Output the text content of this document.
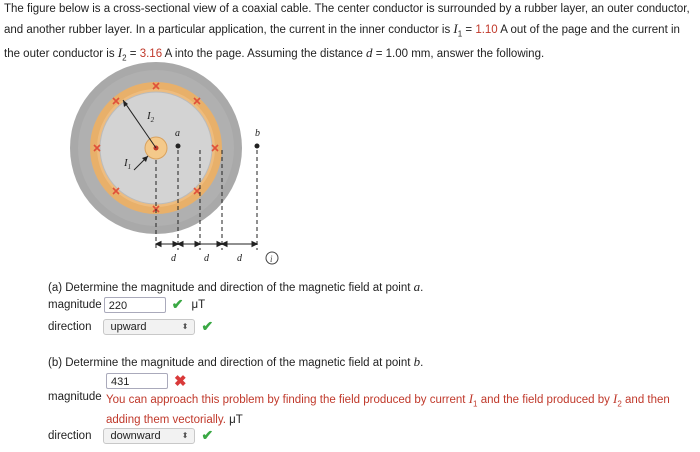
The figure below is a cross-sectional view of a coaxial cable. The center conductor is surrounded by a rubber layer, an outer conductor, and another rubber layer. In a particular application, the current in the inner conductor is $I_1 = 1.10$ A out of the page and the current in the outer conductor is $I_2 = 3.16$ A into the page. Assuming the distance d = 1.00 mm, answer the following.
$I_2$
$I_1$
a	b
d	d	d	i
(a) Determine the magnitude and direction of the magnetic field at point a.
magnitude 220	✔ μT
direction upward	⬍ ✔
(b) Determine the magnitude and direction of the magnetic field at point b.
431	✖
magnitude You can approach this problem by finding the field produced by current $I_1$ and the field produced by $I_2$ and then adding them vectorially. μT
direction downward	⬍ ✔
